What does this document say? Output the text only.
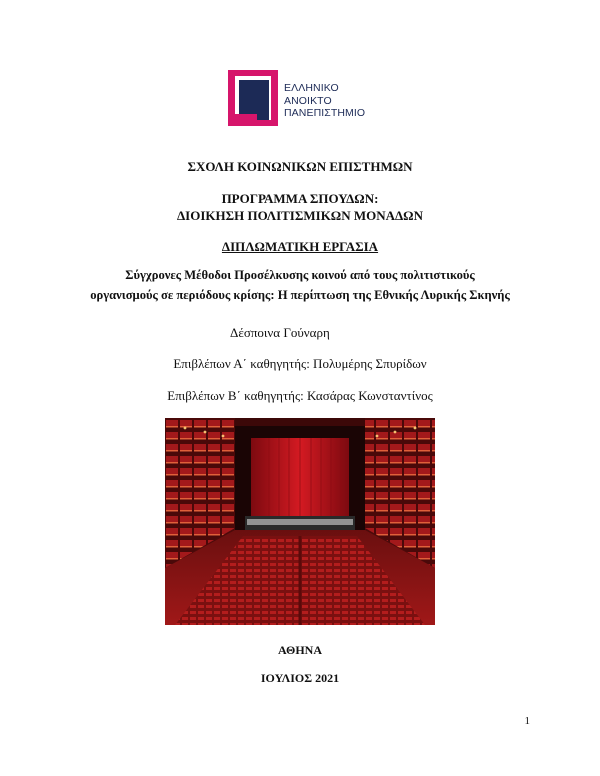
ΕΛΛΗΝΙΚΟ
ΑΝΟΙΚΤΟ
ΠΑΝΕΠΙΣΤΗΜΙΟ
ΣΧΟΛΗ ΚΟΙΝΩΝΙΚΩΝ ΕΠΙΣΤΗΜΩΝ
ΠΡΟΓΡΑΜΜΑ ΣΠΟΥΔΩΝ:
ΔΙΟΙΚΗΣΗ ΠΟΛΙΤΙΣΜΙΚΩΝ ΜΟΝΑΔΩΝ
ΔΙΠΛΩΜΑΤΙΚΗ ΕΡΓΑΣΙΑ
Σύγχρονες Μέθοδοι Προσέλκυσης κοινού από τους πολιτιστικούς
οργανισμούς σε περιόδους κρίσης: Η περίπτωση της Εθνικής Λυρικής Σκηνής
Δέσποινα Γούναρη
Επιβλέπων Α΄ καθηγητής: Πολυμέρης Σπυρίδων
Επιβλέπων Β΄ καθηγητής: Κασάρας Κωνσταντίνος
ΑΘΗΝΑ
ΙΟΥΛΙΟΣ 2021
1
